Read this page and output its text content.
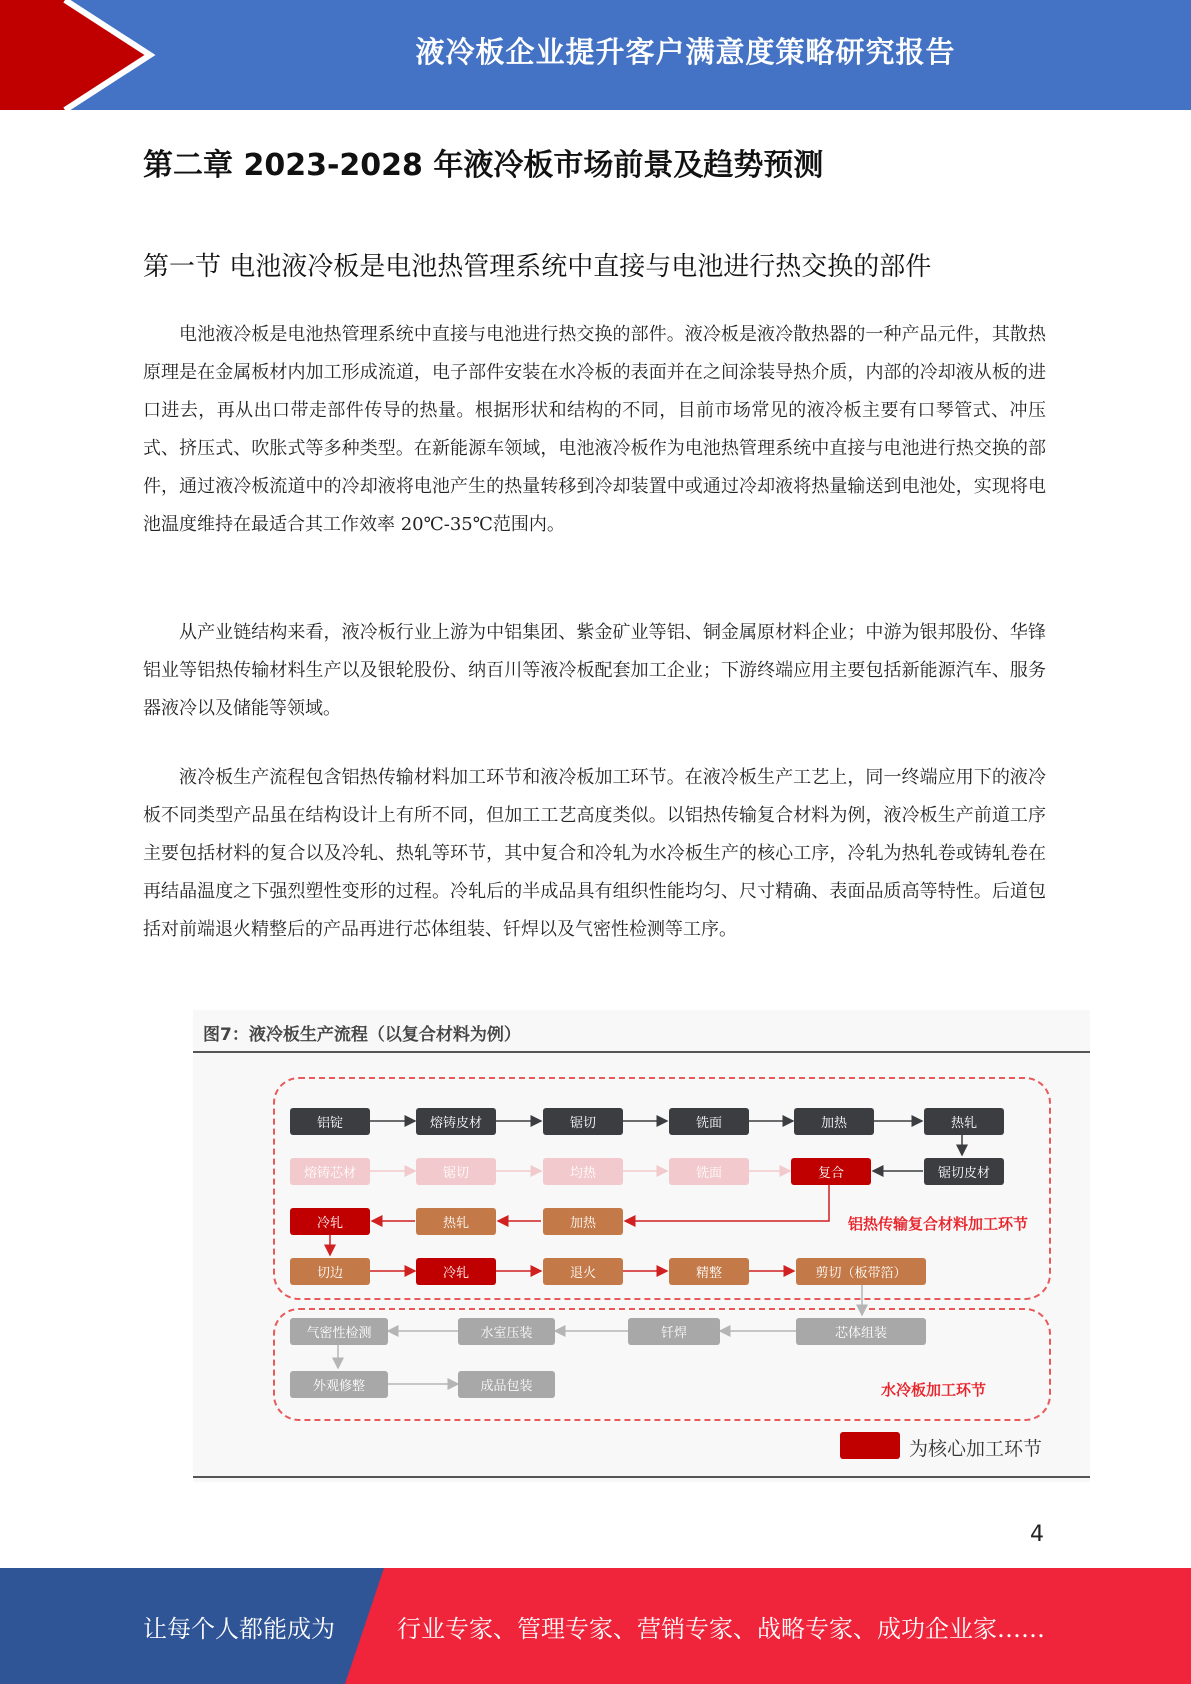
液冷板企业提升客户满意度策略研究报告
第二章 2023-2028 年液冷板市场前景及趋势预测
第一节 电池液冷板是电池热管理系统中直接与电池进行热交换的部件

电池液冷板是电池热管理系统中直接与电池进行热交换的部件。液冷板是液冷散热器的一种产品元件，其散热原理是在金属板材内加工形成流道，电子部件安装在水冷板的表面并在之间涂装导热介质，内部的冷却液从板的进口进去，再从出口带走部件传导的热量。根据形状和结构的不同，目前市场常见的液冷板主要有口琴管式、冲压式、挤压式、吹胀式等多种类型。在新能源车领域，电池液冷板作为电池热管理系统中直接与电池进行热交换的部件，通过液冷板流道中的冷却液将电池产生的热量转移到冷却装置中或通过冷却液将热量输送到电池处，实现将电池温度维持在最适合其工作效率 20℃-35℃范围内。

从产业链结构来看，液冷板行业上游为中铝集团、紫金矿业等铝、铜金属原材料企业；中游为银邦股份、华锋铝业等铝热传输材料生产以及银轮股份、纳百川等液冷板配套加工企业；下游终端应用主要包括新能源汽车、服务器液冷以及储能等领域。

液冷板生产流程包含铝热传输材料加工环节和液冷板加工环节。在液冷板生产工艺上，同一终端应用下的液冷板不同类型产品虽在结构设计上有所不同，但加工工艺高度类似。以铝热传输复合材料为例，液冷板生产前道工序主要包括材料的复合以及冷轧、热轧等环节，其中复合和冷轧为水冷板生产的核心工序，冷轧为热轧卷或铸轧卷在再结晶温度之下强烈塑性变形的过程。冷轧后的半成品具有组织性能均匀、尺寸精确、表面品质高等特性。后道包括对前端退火精整后的产品再进行芯体组装、钎焊以及气密性检测等工序。

图7：液冷板生产流程（以复合材料为例）
铝锭	熔铸皮材	锯切	铣面	加热	热轧
熔铸芯材	锯切	均热	铣面	复合	锯切皮材
冷轧	热轧	加热	铝热传输复合材料加工环节
切边	冷轧	退火	精整	剪切（板带箔）
气密性检测	水室压装	钎焊	芯体组装
外观修整	成品包装	水冷板加工环节
为核心加工环节
4
让每个人都能成为	行业专家、管理专家、营销专家、战略专家、成功企业家……
